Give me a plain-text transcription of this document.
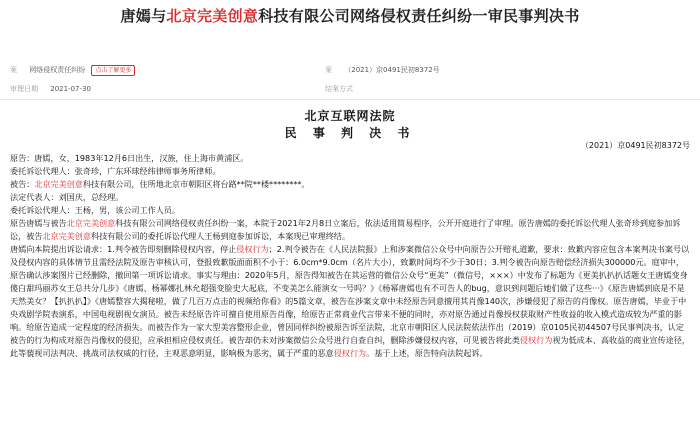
唐嫣与北京完美创意科技有限公司网络侵权责任纠纷一审民事判决书
案 网络侵权责任纠纷 点击了解更多
审理日期 2021-07-30
案 （2021）京0491民初8372号
结案方式
北京互联网法院
民 事 判 决 书
（2021）京0491民初8372号

原告：唐嫣，女，1983年12月6日出生，汉族，住上海市黄浦区。

委托诉讼代理人：张奇珍，广东环球经纬律师事务所律师。

被告：北京完美创意科技有限公司，住所地北京市朝阳区将台路**院**楼********。

法定代表人：刘国庆，总经理。

委托诉讼代理人：王杨，男，该公司工作人员。

原告唐嫣与被告北京完美创意科技有限公司网络侵权责任纠纷一案，本院于2021年2月8日立案后，依法适用简易程序，公开开庭进行了审理。原告唐嫣的委托诉讼代理人张奇珍到庭参加诉讼，被告北京完美创意科技有限公司的委托诉讼代理人王杨到庭参加诉讼，本案现已审理终结。

唐嫣向本院提出诉讼请求：1.判令被告即刻删除侵权内容，停止侵权行为；2.判令被告在《人民法院报》上和涉案微信公众号中向原告公开赔礼道歉，要求：致歉内容应包含本案判决书案号以及侵权内容的具体情节且需经法院及原告审核认可，登报致歉版面面积不小于：6.0cm*9.0cm（名片大小），致歉时间均不少于30日；3.判令被告向原告赔偿经济损失300000元。庭审中，原告确认涉案图片已经删除，撤回第一项诉讼请求。事实与理由：2020年5月，原告得知被告在其运营的微信公众号“更美”（微信号，×××）中发布了标题为《更美扒扒扒话题女王唐嫣变身傻白甜玛丽苏女王总共分几步》《唐嫣、杨幂娜扎林允超强变脸史大起底，不变美怎么能演女一号吗？》《杨幂唐嫣也有不可告人的bug，意识到问题后她们做了这些···》《原告唐嫣到底是不是天然美女？【扒扒扒】》《唐嫣整容大揭秘啦，做了几百万点击的视频给你看》的5篇文章，被告在涉案文章中未经原告同意擅用其肖像140次，涉嫌侵犯了原告的肖像权。原告唐嫣，毕业于中央戏剧学院表演系，中国电视剧视女演员。被告未经原告许可擅自使用原告肖像，给原告正常商业代言带来不便的同时，亦对原告通过肖像授权获取财产性收益的收入模式造成较为严重的影响。给原告造成一定程度的经济损失。而被告作为一家大型美容整形企业，曾因同样纠纷被原告诉至法院，北京市朝阳区人民法院依法作出（2019）京0105民初44507号民事判决书，认定被告的行为构成对原告肖像权的侵犯，应承担相应侵权责任。被告却仍未对涉案微信公众号进行自查自纠，删除涉嫌侵权内容，可见被告将此类侵权行为视为低成本、高收益的商业宣传途径，此等藐视司法判决、挑战司法权威的行径，主观恶意明显，影响极为恶劣，属于严重的恶意侵权行为。基于上述，原告特向法院起诉。
